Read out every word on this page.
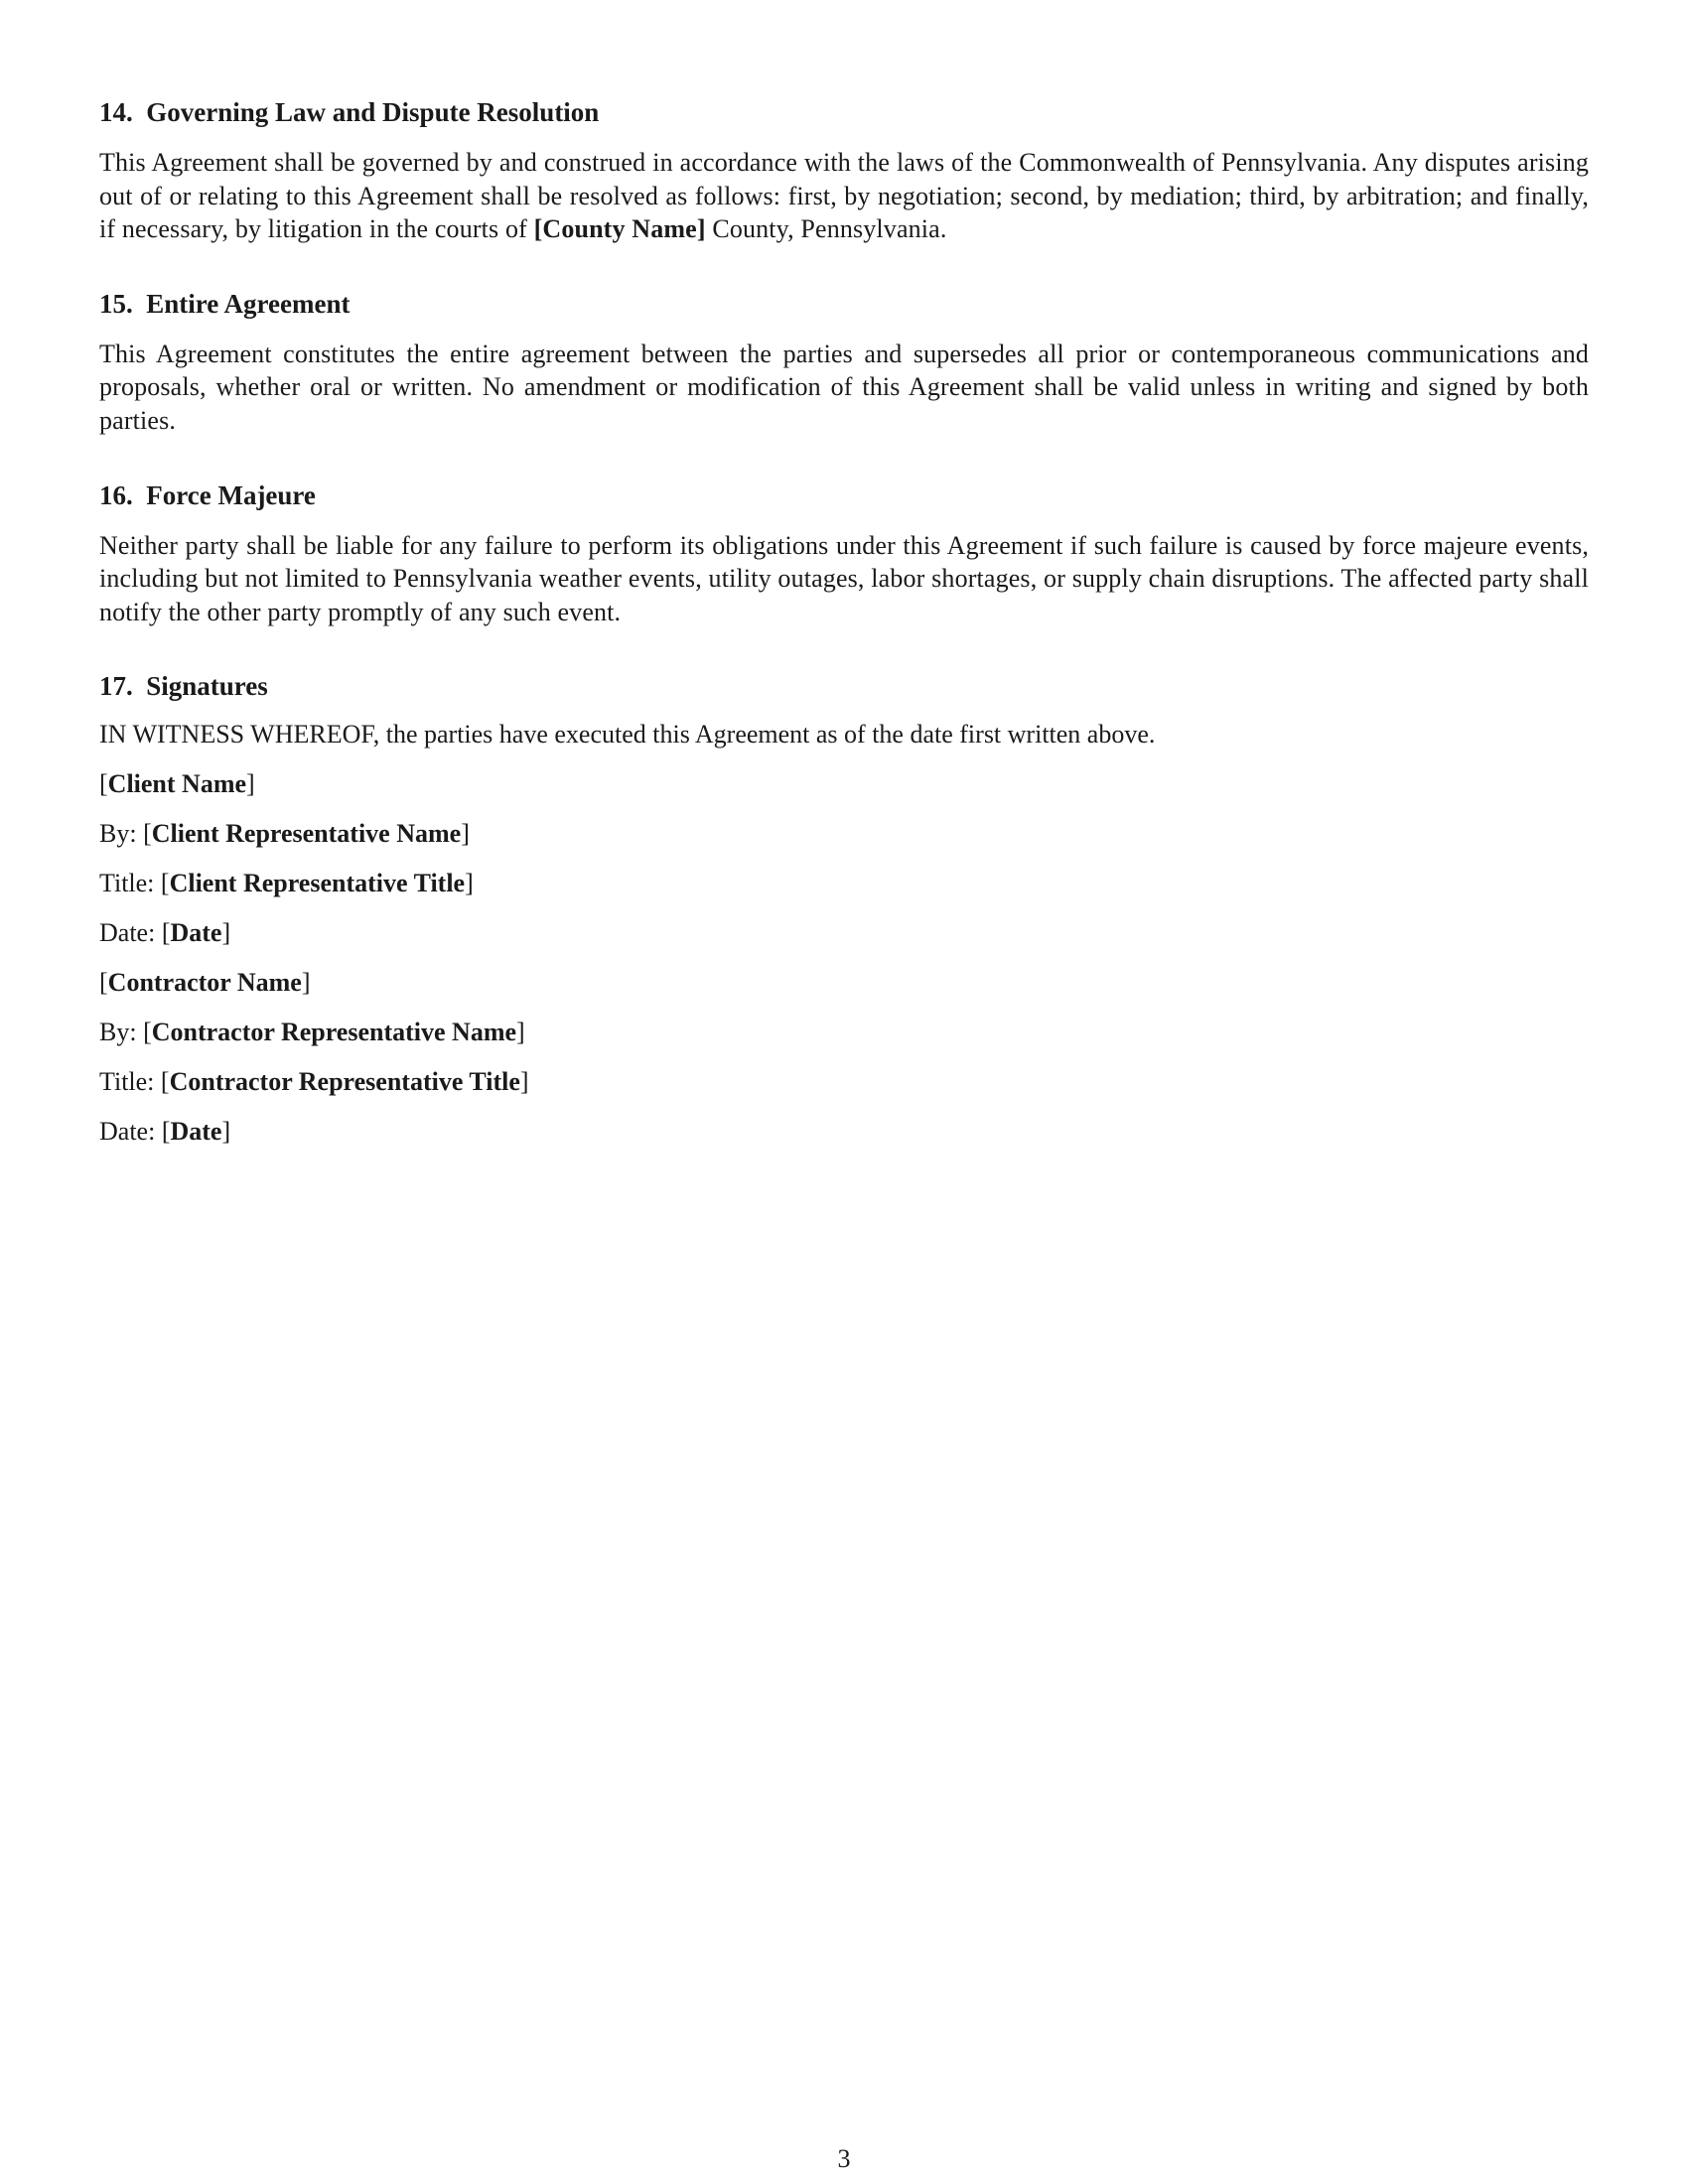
14. Governing Law and Dispute Resolution

This Agreement shall be governed by and construed in accordance with the laws of the Commonwealth of Pennsylvania. Any disputes arising out of or relating to this Agreement shall be resolved as follows: first, by negotiation; second, by mediation; third, by arbitration; and finally, if necessary, by litigation in the courts of [County Name] County, Pennsylvania.

15. Entire Agreement

This Agreement constitutes the entire agreement between the parties and supersedes all prior or contemporaneous communications and proposals, whether oral or written. No amendment or modification of this Agreement shall be valid unless in writing and signed by both parties.

16. Force Majeure

Neither party shall be liable for any failure to perform its obligations under this Agreement if such failure is caused by force majeure events, including but not limited to Pennsylvania weather events, utility outages, labor shortages, or supply chain disruptions. The affected party shall notify the other party promptly of any such event.

17. Signatures

IN WITNESS WHEREOF, the parties have executed this Agreement as of the date first written above.

[Client Name]

By: [Client Representative Name]

Title: [Client Representative Title]

Date: [Date]

[Contractor Name]

By: [Contractor Representative Name]

Title: [Contractor Representative Title]

Date: [Date]

3
